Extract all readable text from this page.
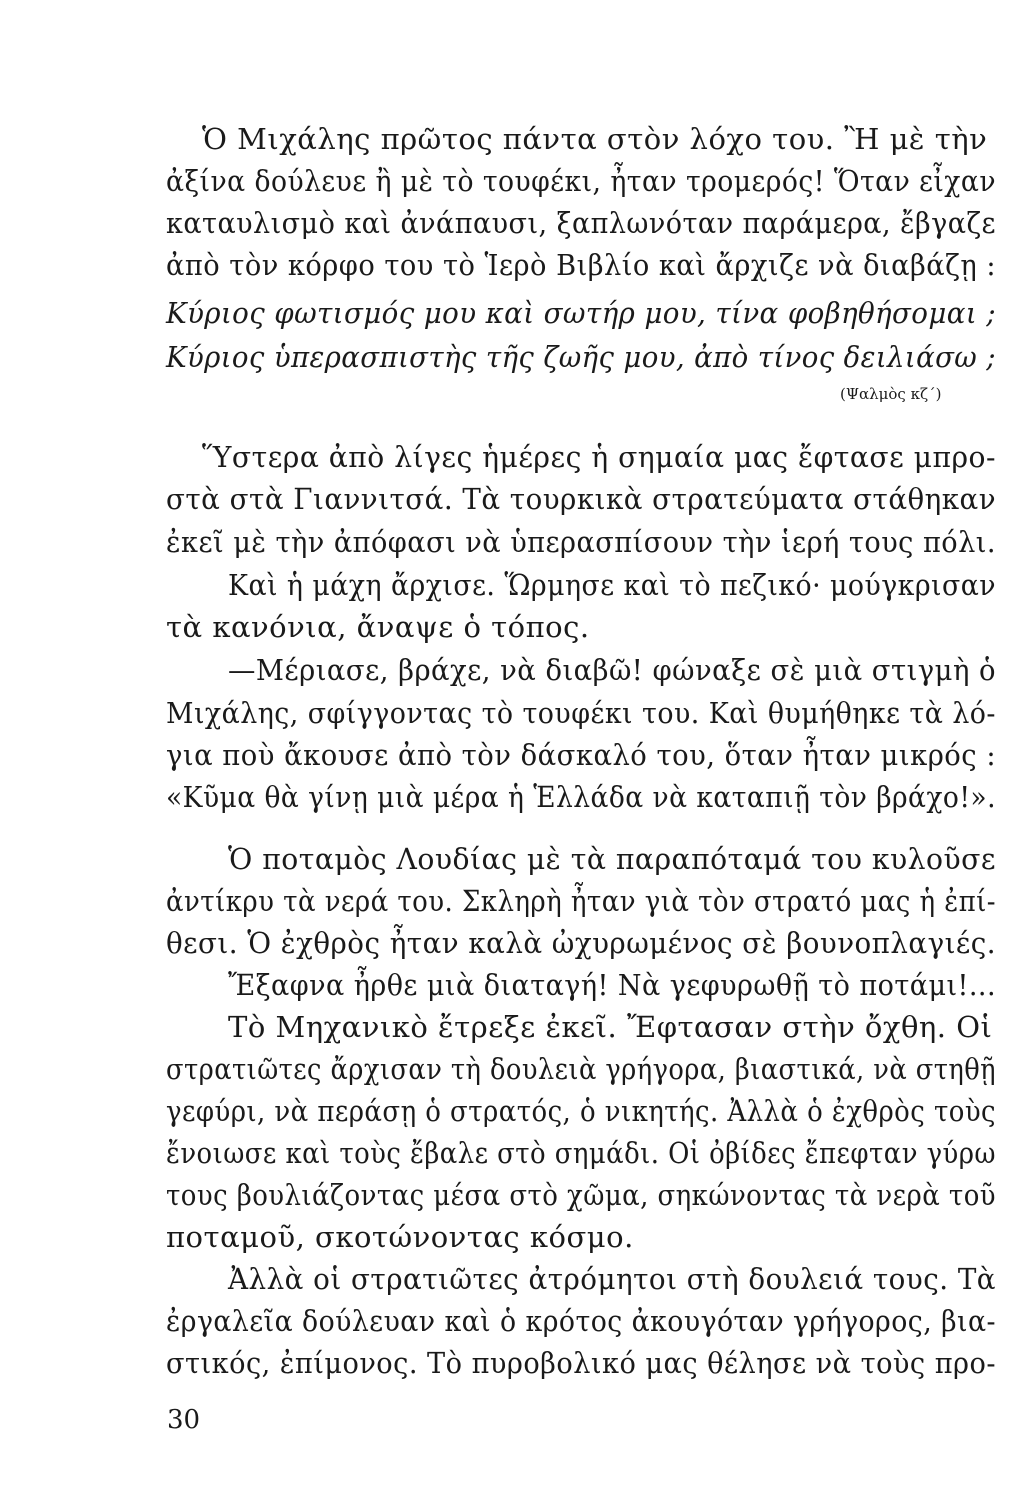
Ὁ Μιχάλης πρῶτος πάντα στὸν λόχο του. Ἢ μὲ τὴν
ἀξίνα δούλευε ἢ μὲ τὸ τουφέκι, ἦταν τρομερός! Ὅταν εἶχαν
καταυλισμὸ καὶ ἀνάπαυσι, ξαπλωνόταν παράμερα, ἔβγαζε
ἀπὸ τὸν κόρφο του τὸ Ἱερὸ Βιβλίο καὶ ἄρχιζε νὰ διαβάζῃ :
Κύριος φωτισμός μου καὶ σωτήρ μου, τίνα φοβηθήσομαι ;
Κύριος ὑπερασπιστὴς τῆς ζωῆς μου, ἀπὸ τίνος δειλιάσω ;
(Ψαλμὸς κζ΄)
Ὕστερα ἀπὸ λίγες ἡμέρες ἡ σημαία μας ἔφτασε μπρο-
στὰ στὰ Γιαννιτσά. Τὰ τουρκικὰ στρατεύματα στάθηκαν
ἐκεῖ μὲ τὴν ἀπόφασι νὰ ὑπερασπίσουν τὴν ἱερή τους πόλι.
Καὶ ἡ μάχη ἄρχισε. Ὥρμησε καὶ τὸ πεζικό· μούγκρισαν
τὰ κανόνια, ἄναψε ὁ τόπος.
—Μέριασε, βράχε, νὰ διαβῶ! φώναξε σὲ μιὰ στιγμὴ ὁ
Μιχάλης, σφίγγοντας τὸ τουφέκι του. Καὶ θυμήθηκε τὰ λό-
για ποὺ ἄκουσε ἀπὸ τὸν δάσκαλό του, ὅταν ἦταν μικρός :
«Κῦμα θὰ γίνῃ μιὰ μέρα ἡ Ἑλλάδα νὰ καταπιῇ τὸν βράχο!».
Ὁ ποταμὸς Λουδίας μὲ τὰ παραπόταμά του κυλοῦσε
ἀντίκρυ τὰ νερά του. Σκληρὴ ἦταν γιὰ τὸν στρατό μας ἡ ἐπί-
θεσι. Ὁ ἐχθρὸς ἦταν καλὰ ὠχυρωμένος σὲ βουνοπλαγιές.
Ἔξαφνα ἦρθε μιὰ διαταγή! Νὰ γεφυρωθῇ τὸ ποτάμι!...
Τὸ Μηχανικὸ ἔτρεξε ἐκεῖ. Ἔφτασαν στὴν ὄχθη. Οἱ
στρατιῶτες ἄρχισαν τὴ δουλειὰ γρήγορα, βιαστικά, νὰ στηθῇ
γεφύρι, νὰ περάσῃ ὁ στρατός, ὁ νικητής. Ἀλλὰ ὁ ἐχθρὸς τοὺς
ἔνοιωσε καὶ τοὺς ἔβαλε στὸ σημάδι. Οἱ ὀβίδες ἔπεφταν γύρω
τους βουλιάζοντας μέσα στὸ χῶμα, σηκώνοντας τὰ νερὰ τοῦ
ποταμοῦ, σκοτώνοντας κόσμο.
Ἀλλὰ οἱ στρατιῶτες ἀτρόμητοι στὴ δουλειά τους. Τὰ
ἐργαλεῖα δούλευαν καὶ ὁ κρότος ἀκουγόταν γρήγορος, βια-
στικός, ἐπίμονος. Τὸ πυροβολικό μας θέλησε νὰ τοὺς προ-
30
